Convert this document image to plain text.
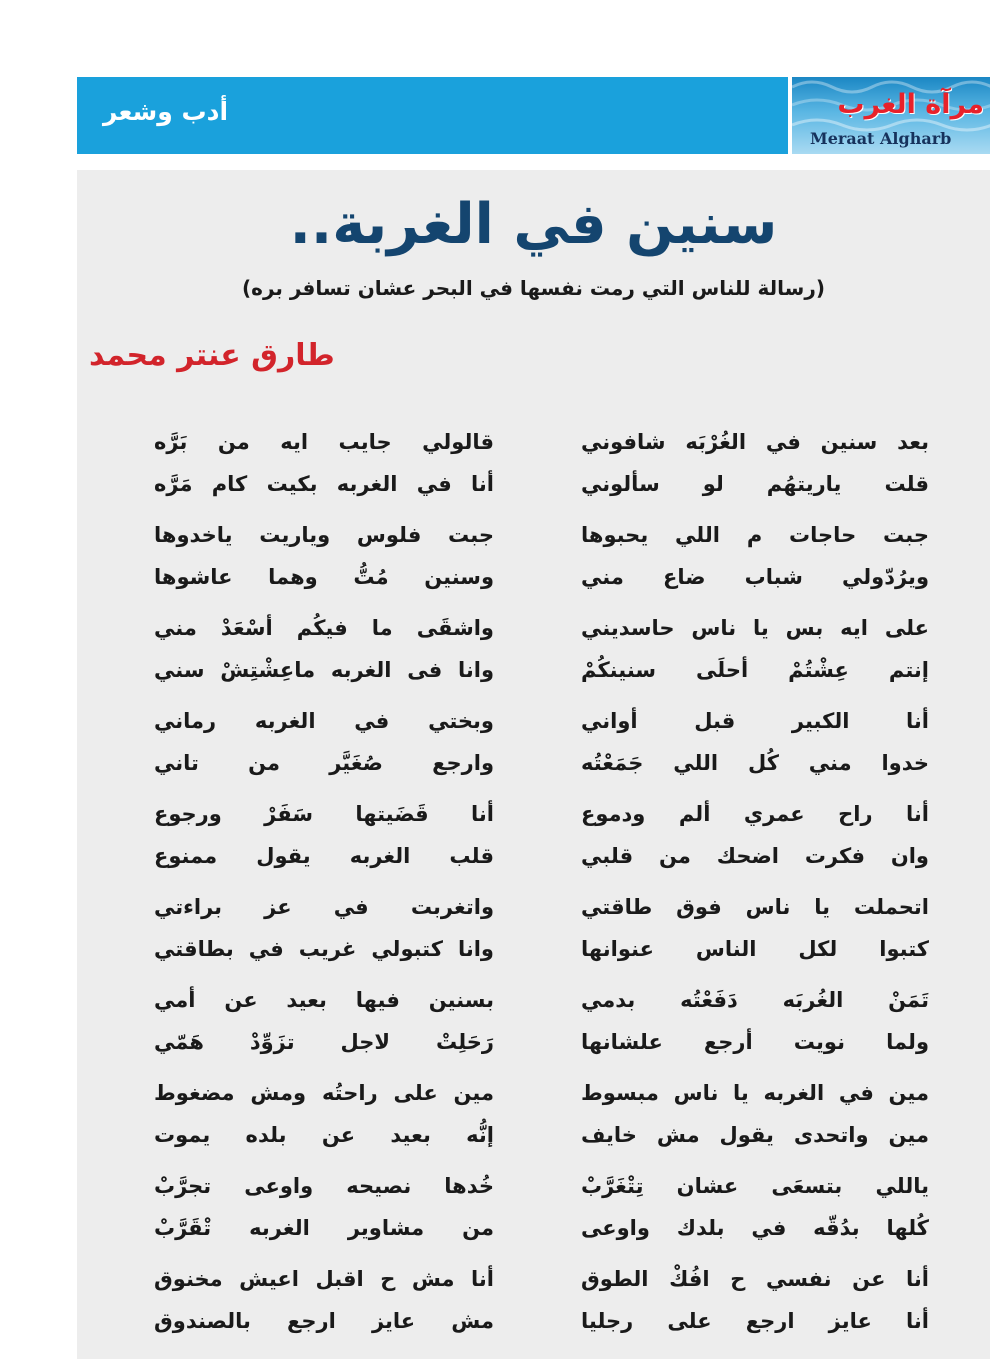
أدب وشعر	مرآة الغرب
Meraat Algharb
سنين في الغربة..
(رسالة للناس التي رمت نفسها في البحر عشان تسافر بره)
طارق عنتر محمد
بعد سنين في الغُرْبَه شافوني
قلت ياريتهُم لو سألوني
قالولي جايب ايه من بَرَّه
أنا في الغربه بكيت كام مَرَّه
جبت حاجات م اللي يحبوها
ويرُدّولي شباب ضاع مني
جبت فلوس وياريت ياخدوها
وسنين مُتُّ وهما عاشوها
على ايه بس يا ناس حاسديني
إنتم عِشْتُمْ أحلَى سنينكُمْ
واشقَى ما فيكُم أسْعَدْ مني
وانا فى الغربه ماعِشْتِشْ سني
أنا الكبير قبل أواني
خدوا مني كُل اللي جَمَعْتُه
وبختي في الغربه رماني
وارجع صُغَيَّر من تاني
أنا راح عمري ألم ودموع
وان فكرت اضحك من قلبي
أنا قَضَيتها سَفَرْ ورجوع
قلب الغربه يقول ممنوع
اتحملت يا ناس فوق طاقتي
كتبوا لكل الناس عنوانها
واتغربت في عز براءتي
وانا كتبولي غريب في بطاقتي
تَمَنْ الغُربَه دَفَعْتُه بدمي
ولما نويت أرجع علشانها
بسنين فيها بعيد عن أمي
رَحَلِتْ لاجل تزَوِّدْ هَمّي
مين في الغربه يا ناس مبسوط
مين واتحدى يقول مش خايف
مين على راحتُه ومش مضغوط
إنُّه بعيد عن بلده يموت
ياللي بتسعَى عشان تِتْغَرَّبْ
كُلها بدُقّه في بلدك واوعى
خُدها نصيحه واوعى تجرَّبْ
من مشاوير الغربه تْقَرَّبْ
أنا عن نفسي ح افُكْ الطوق
أنا عايز ارجع على رجليا
أنا مش ح اقبل اعيش مخنوق
مش عايز ارجع بالصندوق
